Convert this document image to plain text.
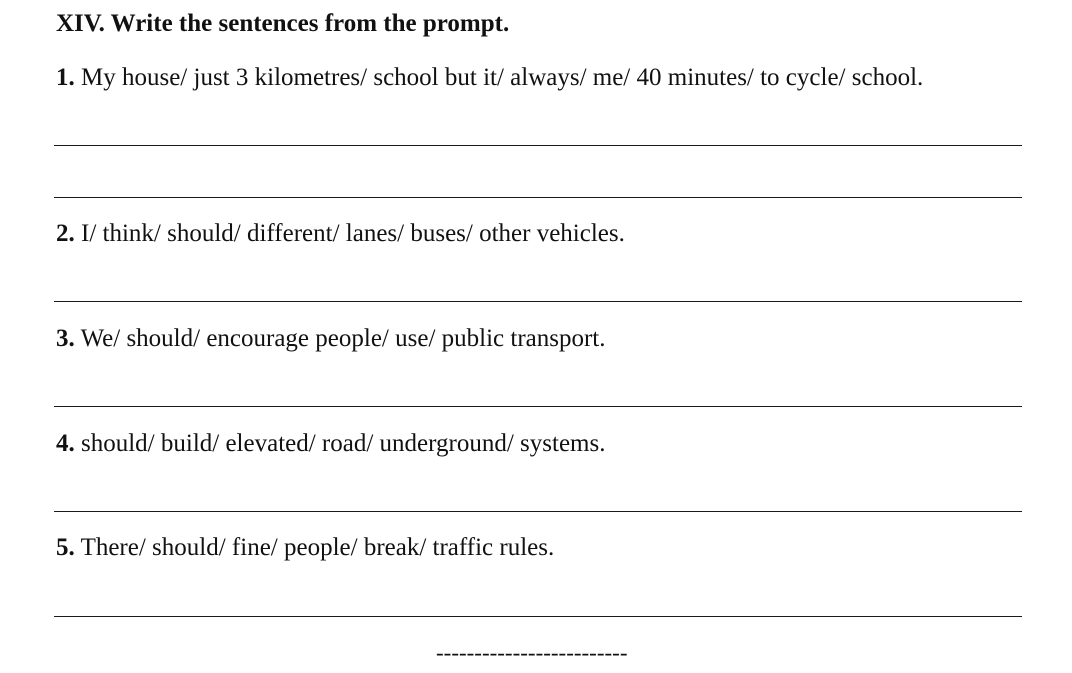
XIV. Write the sentences from the prompt.
1. My house/ just 3 kilometres/ school but it/ always/ me/ 40 minutes/ to cycle/ school.
2. I/ think/ should/ different/ lanes/ buses/ other vehicles.
3. We/ should/ encourage people/ use/ public transport.
4. should/ build/ elevated/ road/ underground/ systems.
5. There/ should/ fine/ people/ break/ traffic rules.
-------------------------
